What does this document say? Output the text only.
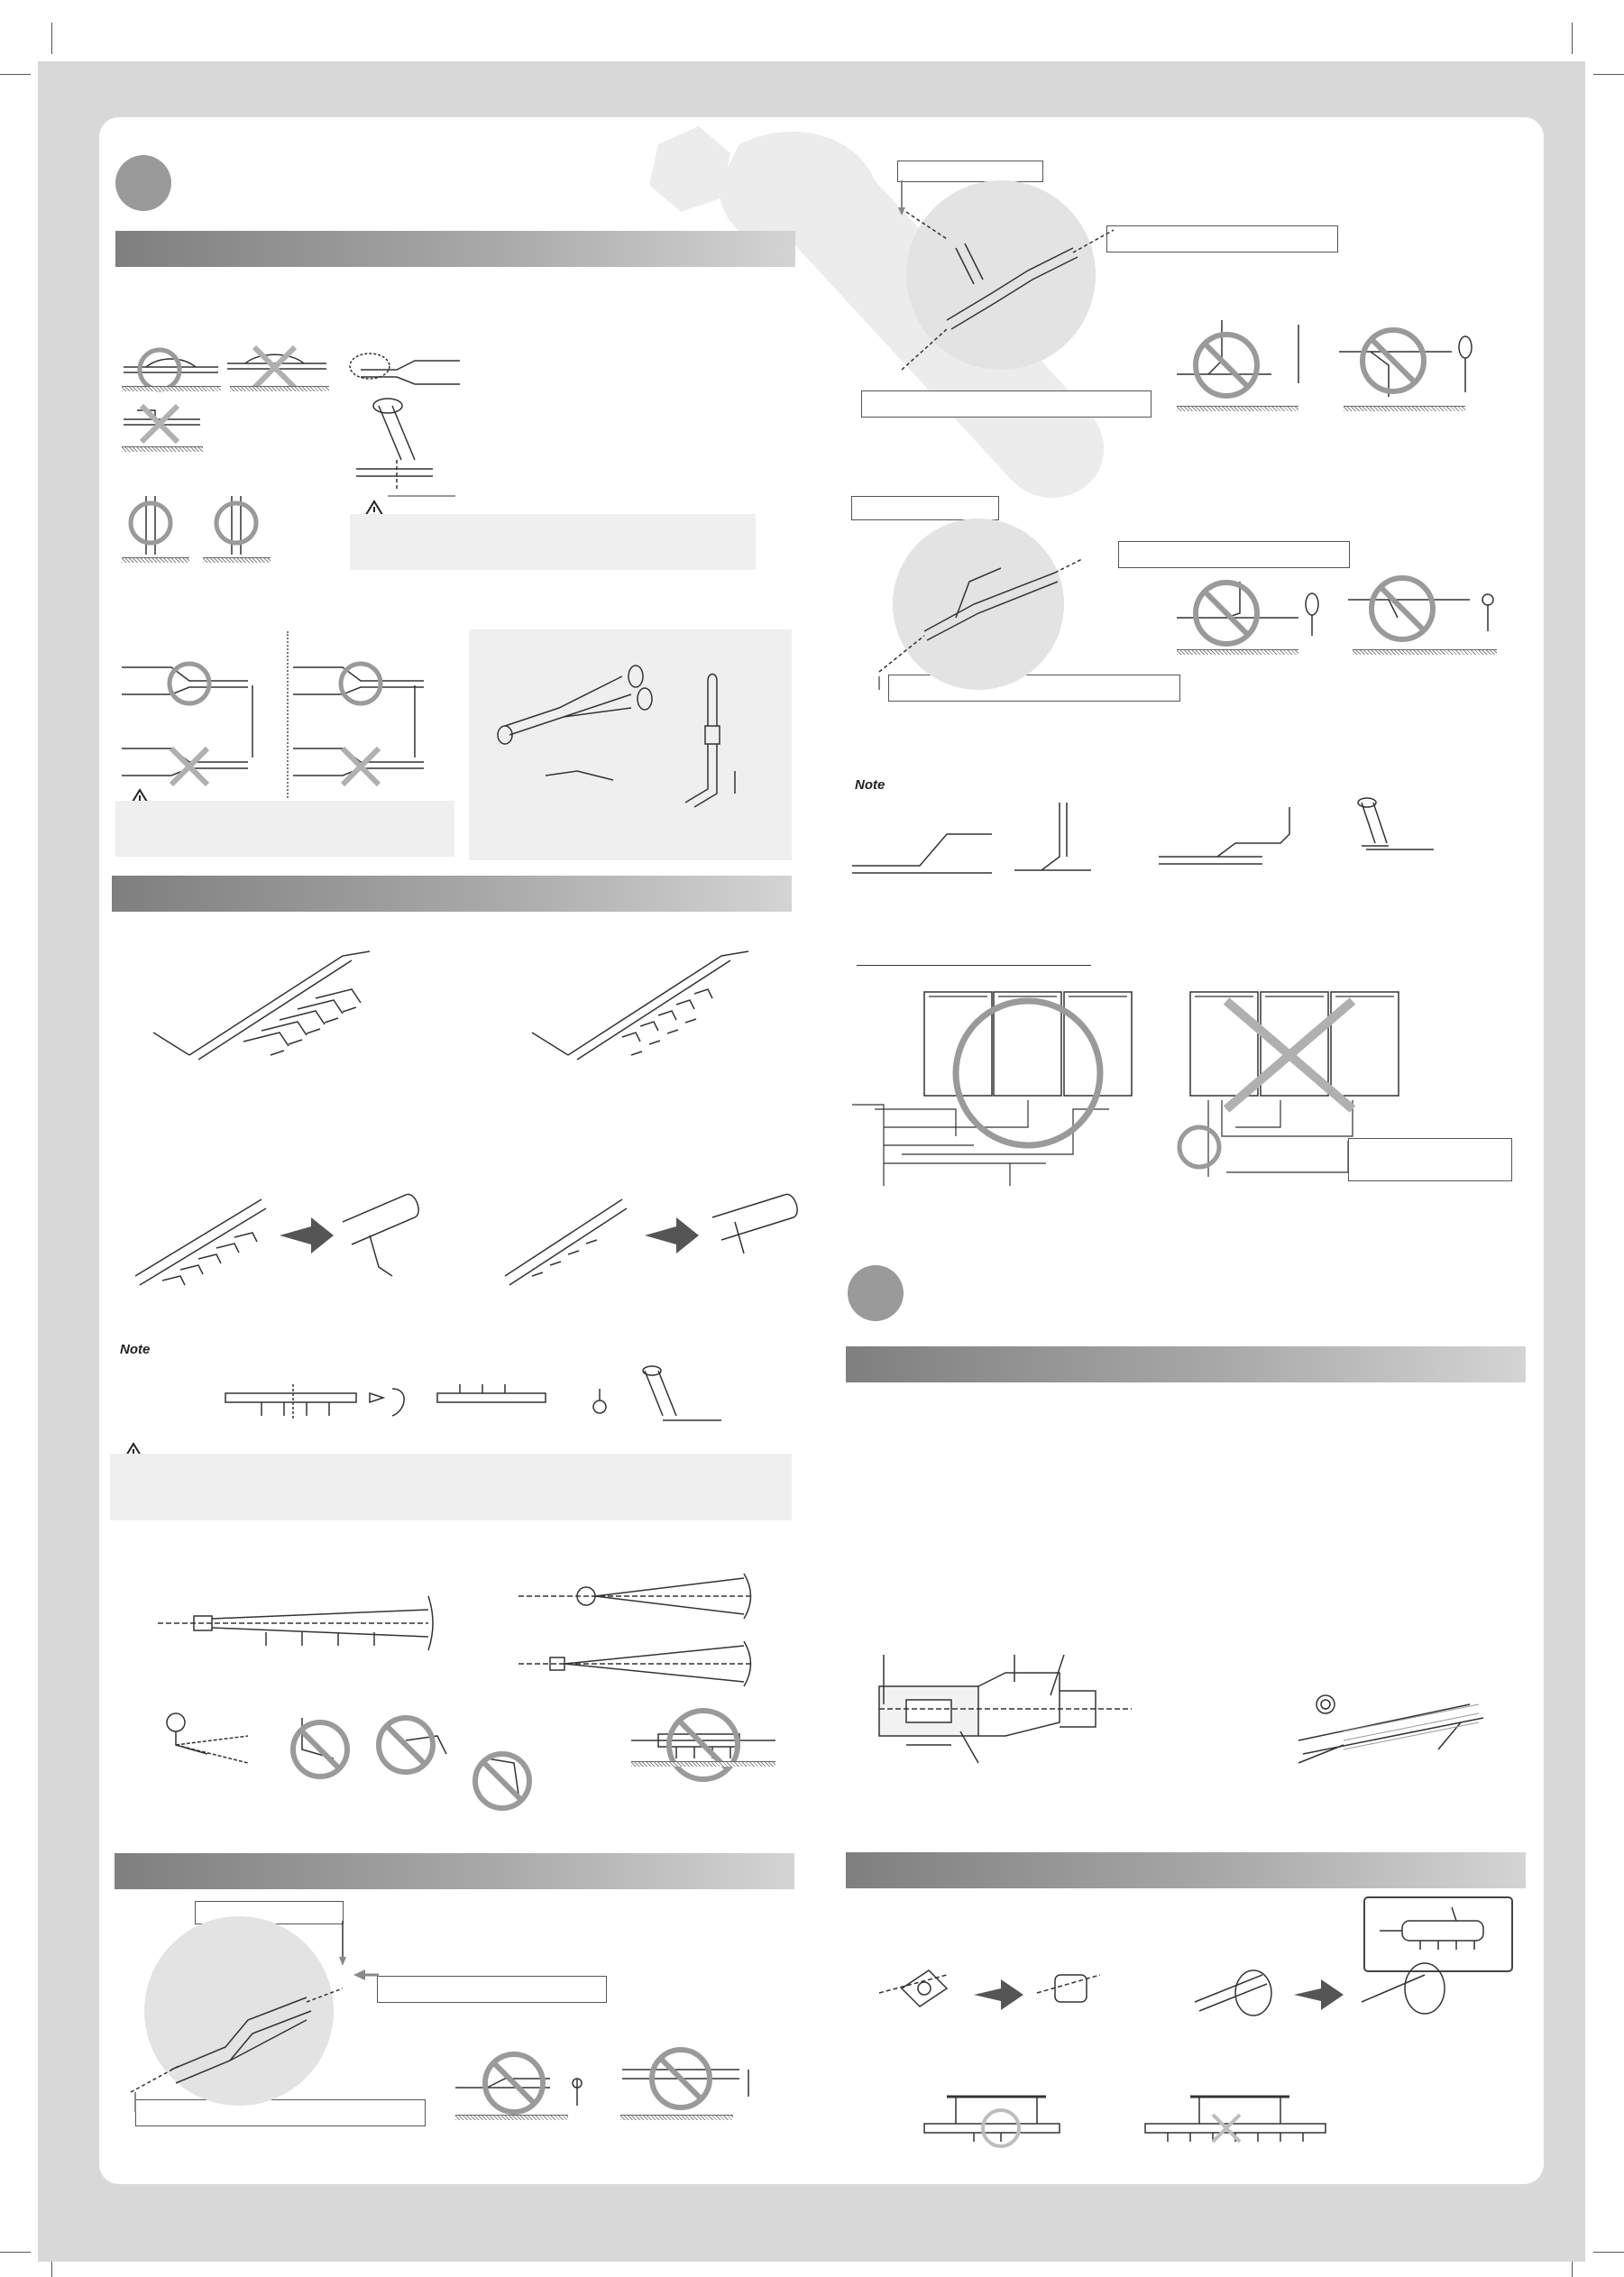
Note
Note
